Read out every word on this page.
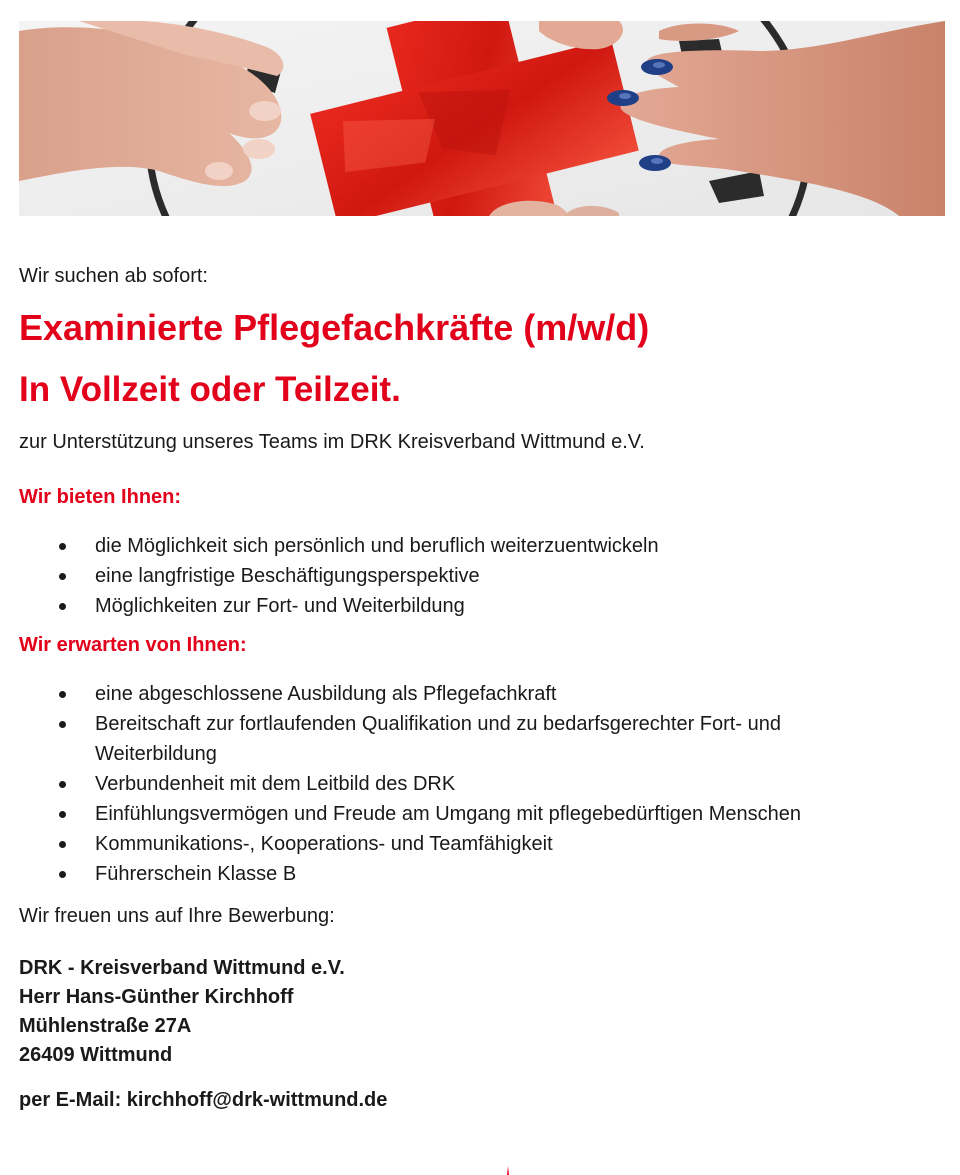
Wir suchen ab sofort:

Examinierte Pflegefachkräfte (m/w/d)
In Vollzeit oder Teilzeit.

zur Unterstützung unseres Teams im DRK Kreisverband Wittmund e.V.

Wir bieten Ihnen:
die Möglichkeit sich persönlich und beruflich weiterzuentwickeln
eine langfristige Beschäftigungsperspektive
Möglichkeiten zur Fort- und Weiterbildung
Wir erwarten von Ihnen:
eine abgeschlossene Ausbildung als Pflegefachkraft
Bereitschaft zur fortlaufenden Qualifikation und zu bedarfsgerechter Fort- und
Weiterbildung
Verbundenheit mit dem Leitbild des DRK
Einfühlungsvermögen und Freude am Umgang mit pflegebedürftigen Menschen
Kommunikations-, Kooperations- und Teamfähigkeit
Führerschein Klasse B

Wir freuen uns auf Ihre Bewerbung:

DRK - Kreisverband Wittmund e.V.
Herr Hans-Günther Kirchhoff
Mühlenstraße 27A
26409 Wittmund
per E-Mail: kirchhoff@drk-wittmund.de
